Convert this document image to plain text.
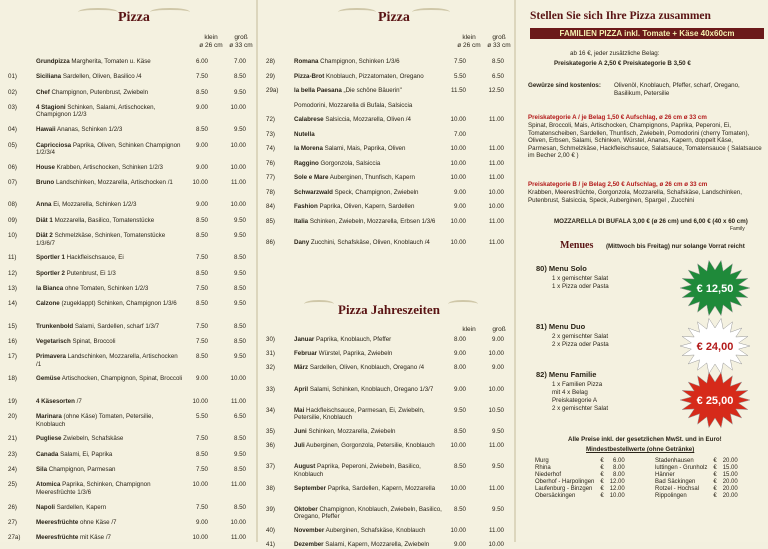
Pizza
klein
ø 26 cm
groß
ø 33 cm
Grundpizza Margherita, Tomaten u. Käse	6.00	7.00
01)	Siciliana Sardellen, Oliven, Basilico /4	7.50	8.50
02)	Chef Champignon, Putenbrust, Zwiebeln	8.50	9.50
03)	4 Stagioni Schinken, Salami, Artischocken, Champignon 1/2/3
9.00	10.00
04)	Hawaii Ananas, Schinken 1/2/3	8.50	9.50
05)	Capricciosa Paprika, Oliven, Schinken Champignon 1/2/3/4
9.00	10.00
06)	House Krabben, Artischocken, Schinken 1/2/3	9.00	10.00
07)	Bruno Landschinken, Mozzarella, Artischocken /1	10.00	11.00
08)	Anna Ei, Mozzarella, Schinken 1/2/3	9.00	10.00
09)	Diät 1 Mozzarella, Basilico, Tomatenstücke	8.50	9.50
10)	Diät 2 Schmelzkäse, Schinken, Tomatenstücke 1/3/6/7
8.50	9.50
11)	Sportler 1 Hackfleischsauce, Ei	7.50	8.50
12)	Sportler 2 Putenbrust, Ei 1/3	8.50	9.50
13)	la Bianca ohne Tomaten, Schinken 1/2/3	7.50	8.50
14)	Calzone (zugeklappt) Schinken, Champignon 1/3/6	8.50	9.50
15)	Trunkenbold Salami, Sardellen, scharf 1/3/7	7.50	8.50
16)	Vegetarisch Spinat, Broccoli	7.50	8.50
17)	Primavera Landschinken, Mozzarella, Artischocken /1
8.50	9.50
18)	Gemüse Artischocken, Champignon, Spinat, Broccoli	9.00	10.00
19)	4 Käsesorten /7	10.00	11.00
20)	Marinara (ohne Käse) Tomaten, Petersilie, Knoblauch
5.50	6.50
21)	Pugliese Zwiebeln, Schafskäse	7.50	8.50
23)	Canada Salami, Ei, Paprika	8.50	9.50
24)	Sila Champignon, Parmesan	7.50	8.50
25)	Atomica Paprika, Schinken, Champignon Meeresfrüchte 1/3/6
10.00	11.00
26)	Napoli Sardellen, Kapern	7.50	8.50
27)	Meeresfrüchte ohne Käse /7	9.00	10.00
27a)	Meeresfrüchte mit Käse /7	10.00	11.00
Pizza
klein
ø 26 cm
groß
ø 33 cm
28)	Romana Champignon, Schinken 1/3/6	7.50	8.50
29)	Pizza-Brot Knoblauch, Pizzatomaten, Oregano	5.50	6.50
29a)	la bella Paesana „Die schöne Bäuerin"	11.50	12.50
Pomodorini, Mozzarella di Bufala, Salsiccia
72)	Calabrese Salsiccia, Mozzarella, Oliven /4	10.00	11.00
73)	Nutella	7.00
74)	la Morena Salami, Mais, Paprika, Oliven	10.00	11.00
76)	Raggino Gorgonzola, Salsiccia	10.00	11.00
77)	Sole e Mare Auberginen, Thunfisch, Kapern	10.00	11.00
78)	Schwarzwald Speck, Champignon, Zwiebeln	9.00	10.00
84)	Fashion Paprika, Oliven, Kapern, Sardellen	9.00	10.00
85)	Italia Schinken, Zwiebeln, Mozzarella, Erbsen 1/3/6	10.00	11.00
86)	Dany Zucchini, Schafskäse, Oliven, Knoblauch /4	10.00	11.00
Pizza Jahreszeiten
klein	groß
30)	Januar Paprika, Knoblauch, Pfeffer	8.00	9.00
31)	Februar Würstel, Paprika, Zwiebeln	9.00	10.00
32)	März Sardellen, Oliven, Knoblauch, Oregano /4	8.00	9.00
33)	April Salami, Schinken, Knoblauch, Oregano 1/3/7	9.00	10.00
34)	Mai Hackfleischsauce, Parmesan, Ei, Zwiebeln, Petersilie, Knoblauch
9.50	10.50
35)	Juni Schinken, Mozzarella, Zwiebeln	8.50	9.50
36)	Juli Auberginen, Gorgonzola, Petersilie, Knoblauch	10.00	11.00
37)	August Paprika, Peperoni, Zwiebeln, Basilico, Knoblauch
8.50	9.50
38)	September Paprika, Sardellen, Kapern, Mozzarella	10.00	11.00
39)	Oktober Champignon, Knoblauch, Zwiebeln, Basilico, Oregano, Pfeffer
8.50	9.50
40)	November Auberginen, Schafskäse, Knoblauch	10.00	11.00
41)	Dezember Salami, Kapern, Mozzarella, Zwiebeln	9.00	10.00
Stellen Sie sich Ihre Pizza zusammen
FAMILIEN PIZZA inkl. Tomate + Käse 40x60cm
ab 16 €, jeder zusätzliche Belag:
Preiskategorie A 2,50 € Preiskategorie B 3,50 €
Gewürze sind kostenlos: Olivenöl, Knoblauch, Pfeffer, scharf, Oregano, Basilikum, Petersilie
Preiskategorie A / je Belag 1,50 € Aufschlag, ø 26 cm ø 33 cm
Spinat, Broccoli, Mais, Artischocken, Champignons, Paprika, Peperoni, Ei, Tomatenscheiben, Sardellen, Thunfisch, Zwiebeln, Pomodorini (cherry Tomaten), Oliven, Erbsen, Salami, Schinken, Würstel, Ananas, Kapern, doppelt Käse, Parmesan, Schmelzkäse, Hackfleischsauce, Salatsauce, Tomatensauce ( Salatsauce im Becher 2,00 € )
Preiskategorie B / je Belag 2,50 € Aufschlag, ø 26 cm ø 33 cm
Krabben, Meeresfrüchte, Gorgonzola, Mozzarella, Schafskäse, Landschinken, Putenbrust, Salsiccia, Speck, Auberginen, Spargel , Zucchini
MOZZARELLA DI BUFALA 3,00 € (ø 26 cm) und 6,00 € (40 x 60 cm)
Family
Menues (Mittwoch bis Freitag) nur solange Vorrat reicht
80) Menu Solo
1 x gemischter Salat
1 x Pizza oder Pasta	€ 12,50
81) Menu Duo
2 x gemischter Salat
2 x Pizza oder Pasta	€ 24,00
82) Menu Familie
1 x Familien Pizza
mit 4 x Belag
Preiskategorie A
2 x gemischter Salat
€ 25,00
Alle Preise inkl. der gesetzlichen MwSt. und in Euro!
Mindestbestellwerte (ohne Getränke)
Murg	€	6.00
Rhina	€	8.00
Niederhof	€	8.00
Oberhof - Harpolingen	€	12.00
Laufenburg - Binzgen	€	12.00
Obersäckingen	€	10.00
Stadenhausen	€	20.00
luttingen - Grunholz	€	15.00
Hänner	€	15.00
Bad Säckingen	€	20.00
Rotzel - Hochsal	€	20.00
Rippolingen	€	20.00
